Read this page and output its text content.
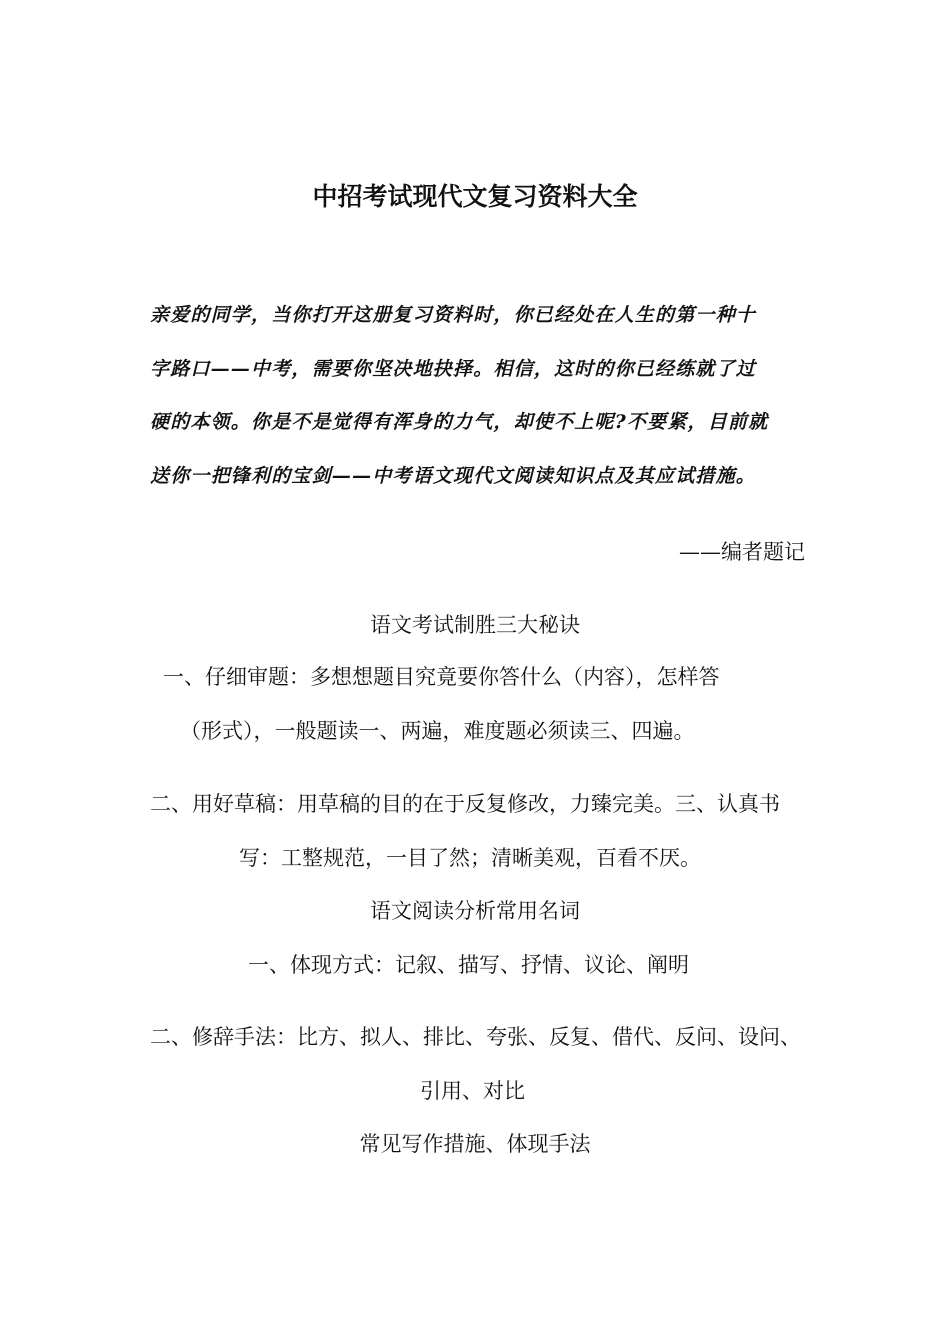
中招考试现代文复习资料大全
亲爱的同学，当你打开这册复习资料时，你已经处在人生的第一种十
字路口——中考，需要你坚决地抉择。相信，这时的你已经练就了过
硬的本领。你是不是觉得有浑身的力气，却使不上呢?不要紧，目前就
送你一把锋利的宝剑——中考语文现代文阅读知识点及其应试措施。
——编者题记
语文考试制胜三大秘诀
一、仔细审题：多想想题目究竟要你答什么（内容），怎样答
（形式），一般题读一、两遍，难度题必须读三、四遍。
二、用好草稿：用草稿的目的在于反复修改，力臻完美。三、认真书
写：工整规范，一目了然；清晰美观，百看不厌。
语文阅读分析常用名词
一、体现方式：记叙、描写、抒情、议论、阐明
二、修辞手法：比方、拟人、排比、夸张、反复、借代、反问、设问、
引用、对比
常见写作措施、体现手法
